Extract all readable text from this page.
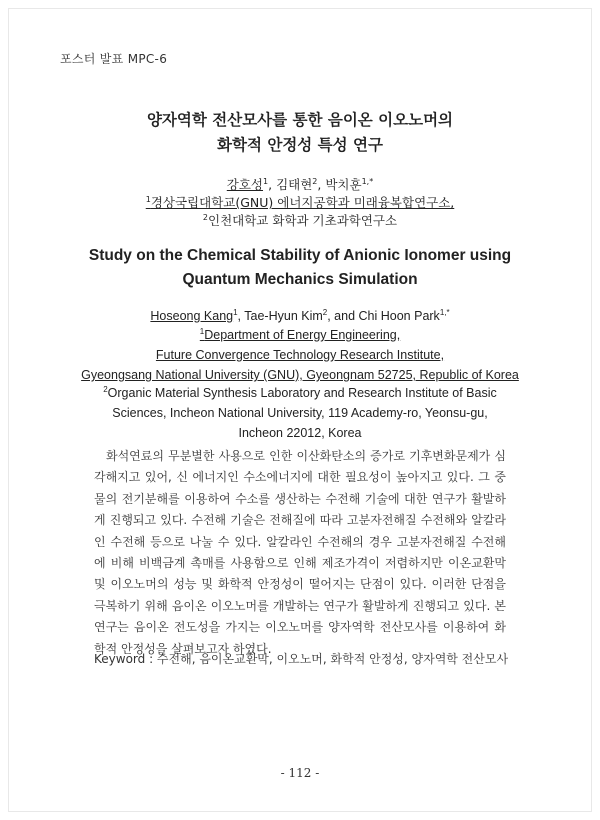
포스터 발표 MPC-6
양자역학 전산모사를 통한 음이온 이오노머의
화학적 안정성 특성 연구
강호성$^1$, 김태현$^2$, 박치훈$^{1,*}$
$^1$경상국립대학교(GNU) 에너지공학과 미래융복합연구소,
$^2$인천대학교 화학과 기초과학연구소
Study on the Chemical Stability of Anionic Ionomer using
Quantum Mechanics Simulation
Hoseong Kang$^1$, Tae-Hyun Kim$^2$, and Chi Hoon Park$^{1,*}$
$^1$Department of Energy Engineering,
Future Convergence Technology Research Institute,
Gyeongsang National University (GNU), Gyeongnam 52725, Republic of Korea
$^2$Organic Material Synthesis Laboratory and Research Institute of Basic
Sciences, Incheon National University, 119 Academy-ro, Yeonsu-gu,
Incheon 22012, Korea
화석연료의 무분별한 사용으로 인한 이산화탄소의 증가로 기후변화문제가 심각해지고 있어, 신 에너지인 수소에너지에 대한 필요성이 높아지고 있다. 그 중 물의 전기분해를 이용하여 수소를 생산하는 수전해 기술에 대한 연구가 활발하게 진행되고 있다. 수전해 기술은 전해질에 따라 고분자전해질 수전해와 알칼라인 수전해 등으로 나눌 수 있다. 알칼라인 수전해의 경우 고분자전해질 수전해에 비해 비백금계 촉매를 사용함으로 인해 제조가격이 저렴하지만 이온교환막 및 이오노머의 성능 및 화학적 안정성이 떨어지는 단점이 있다. 이러한 단점을 극복하기 위해 음이온 이오노머를 개발하는 연구가 활발하게 진행되고 있다. 본 연구는 음이온 전도성을 가지는 이오노머를 양자역학 전산모사를 이용하여 화학적 안정성을 살펴보고자 하였다.
Keyword : 수전해, 음이온교환막, 이오노머, 화학적 안정성, 양자역학 전산모사
- 112 -
